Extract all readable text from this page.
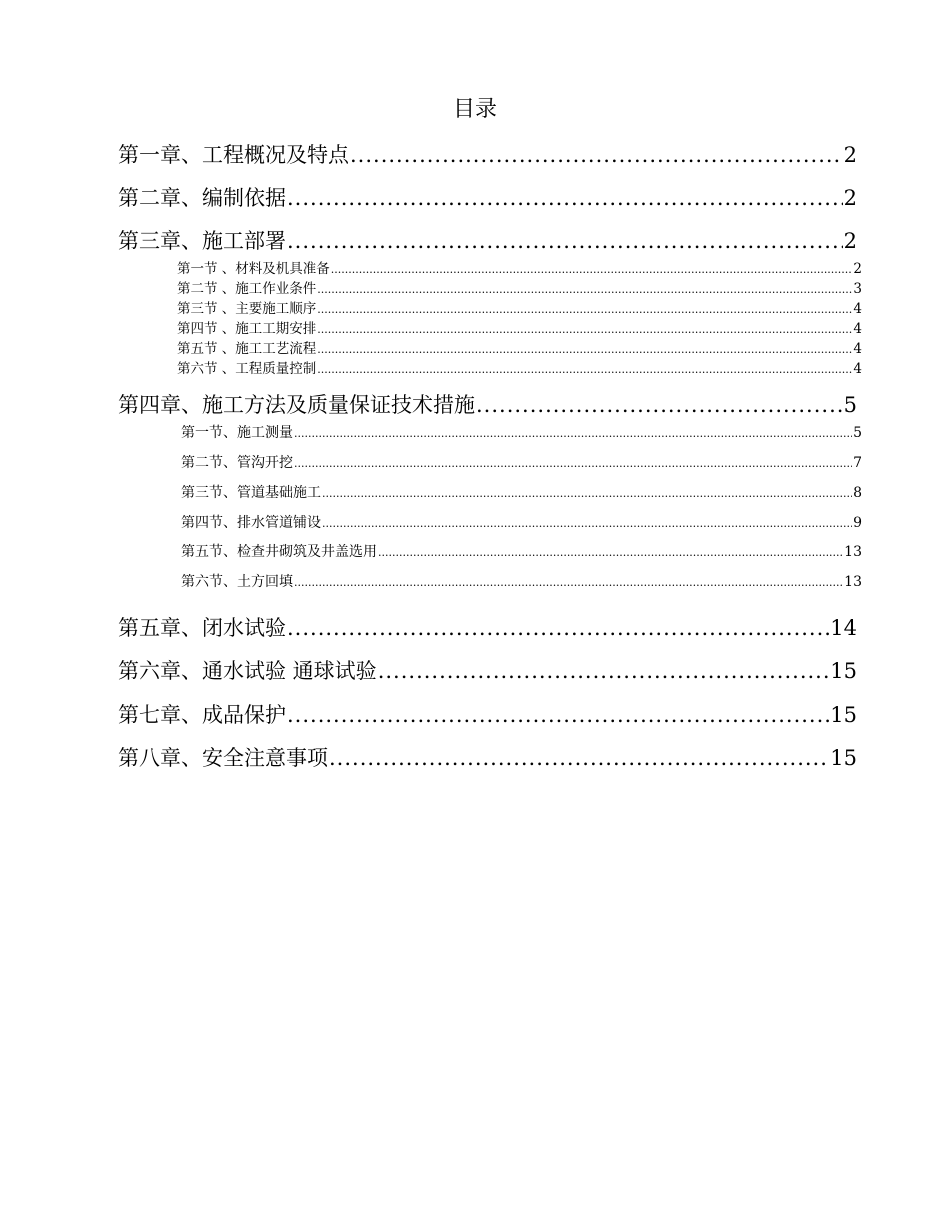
目录
第一章、工程概况及特点 .....	2
第二章、编制依据 .....	2
第三章、施工部署 .....	2
第一节 、材料及机具准备 .....	2
第二节 、施工作业条件 .....	3
第三节 、主要施工顺序 .....	4
第四节 、施工工期安排 .....	4
第五节 、施工工艺流程 .....	4
第六节 、工程质量控制 .....	4
第四章、施工方法及质量保证技术措施 .....	5
第一节、施工测量 .....	5
第二节、管沟开挖 .....	7
第三节、管道基础施工 .....	8
第四节、排水管道铺设 .....	9
第五节、检查井砌筑及井盖选用 .....	13
第六节、土方回填 .....	13
第五章、闭水试验 .....	14
第六章、通水试验 通球试验 .....	15
第七章、成品保护 .....	15
第八章、安全注意事项 .....	15
